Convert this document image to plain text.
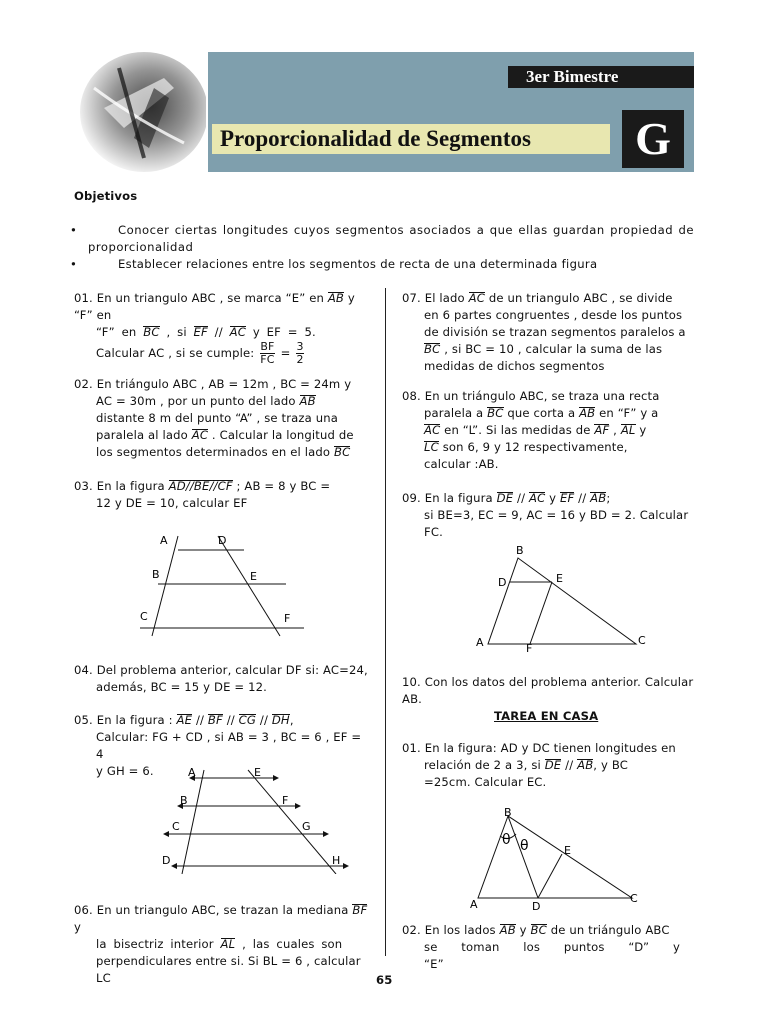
3er Bimestre
Proporcionalidad de Segmentos	G
Objetivos
•	Conocer ciertas longitudes cuyos segmentos asociados a que ellas guardan propiedad de proporcionalidad
•	Establecer relaciones entre los segmentos de recta de una determinada figura
01. En un triangulo ABC , se marca “E” en AB y “F” en
“F” en BC , si EF // AC y EF = 5.
Calcular AC , si se cumple: $\frac{BF}{FC} = \frac{3}{2}$
02. En triángulo ABC , AB = 12m , BC = 24m y
AC = 30m , por un punto del lado AB
distante 8 m del punto “A” , se traza una
paralela al lado AC . Calcular la longitud de
los segmentos determinados en el lado BC
03. En la figura AD//BE//CF ; AB = 8 y BC =
12 y DE = 10, calcular EF
A	D
B	E
C	F
04. Del problema anterior, calcular DF si: AC=24,
además, BC = 15 y DE = 12.
05. En la figura : AE // BF // CG // DH,
Calcular: FG + CD , si AB = 3 , BC = 6 , EF = 4
y GH = 6.	A	E
B	F
C	G
D	H
06. En un triangulo ABC, se trazan la mediana BF y
la bisectriz interior AL , las cuales son
perpendiculares entre si. Si BL = 6 , calcular LC
07. El lado AC de un triangulo ABC , se divide
en 6 partes congruentes , desde los puntos
de división se trazan segmentos paralelos a
BC , si BC = 10 , calcular la suma de las
medidas de dichos segmentos
08. En un triángulo ABC, se traza una recta
paralela a BC que corta a AB en “F” y a
AC en “L”. Si las medidas de AF , AL y
LC son 6, 9 y 12 respectivamente,
calcular :AB.
09. En la figura DE // AC y EF // AB;
si BE=3, EC = 9, AC = 16 y BD = 2. Calcular
FC.
B
D	E
A	F
C
10. Con los datos del problema anterior. Calcular AB.
TAREA EN CASA
01. En la figura: AD y DC tienen longitudes en
relación de 2 a 3, si DE // AB, y BC
=25cm. Calcular EC.
B
E
A	D
C
θ θ
02. En los lados AB y BC de un triángulo ABC
se toman los puntos “D” y “E”
65
